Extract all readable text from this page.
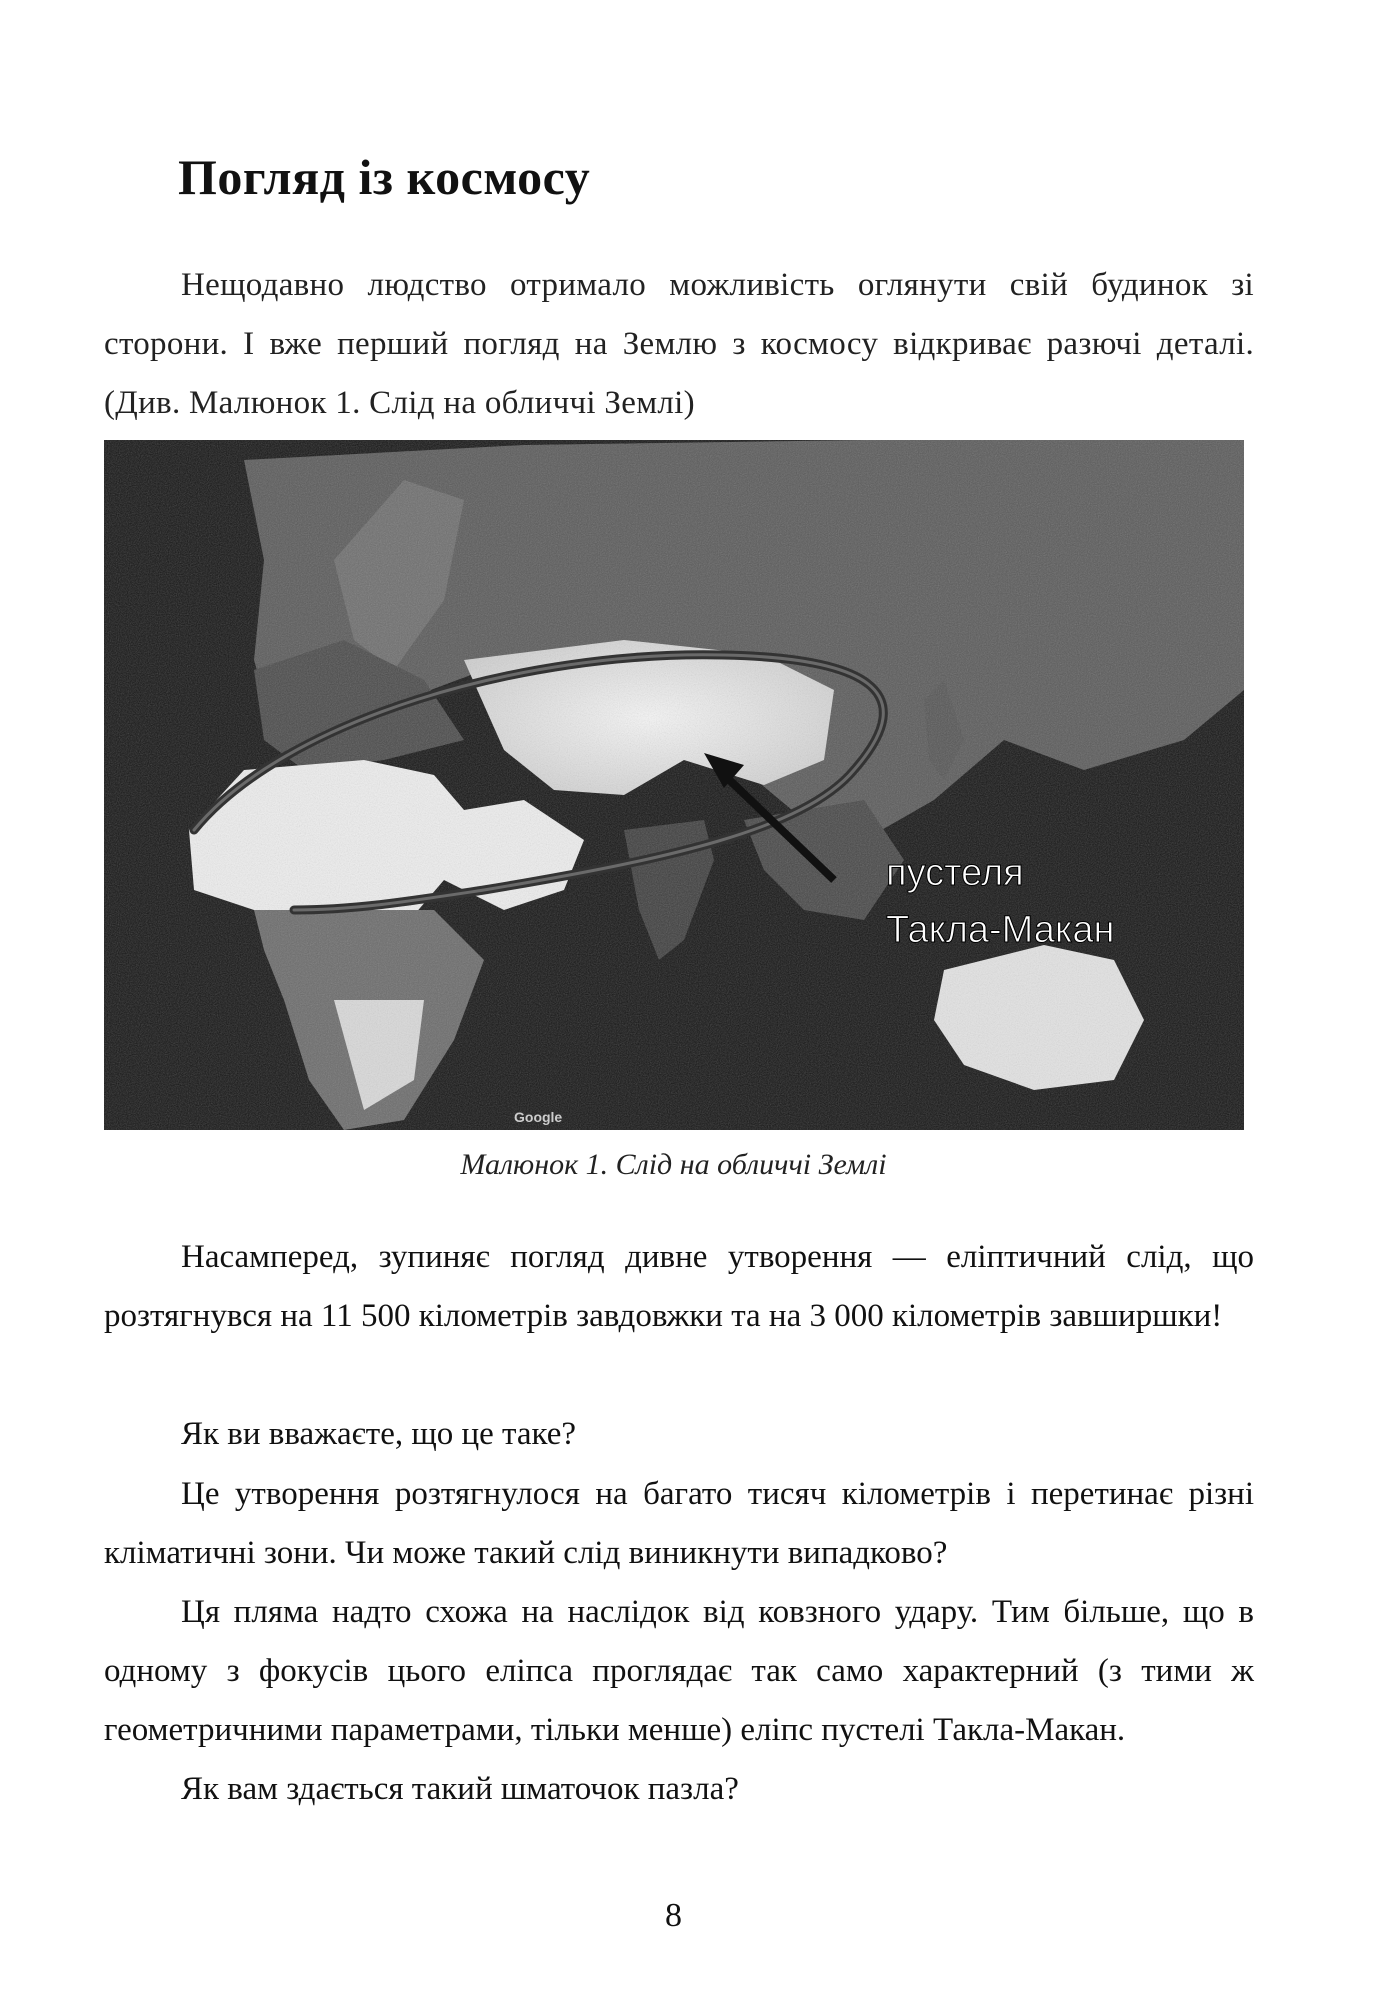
Погляд із космосу

Нещодавно людство отримало можливість оглянути свій будинок зі сторони. І вже перший погляд на Землю з космосу відкриває разючі деталі. (Див. Малюнок 1. Слід на обличчі Землі)

пустеля
Такла-Макан
Google

Малюнок 1. Слід на обличчі Землі

Насамперед, зупиняє погляд дивне утворення — еліптичний слід, що розтягнувся на 11 500 кілометрів завдовжки та на 3 000 кілометрів завширшки!

Як ви вважаєте, що це таке?

Це утворення розтягнулося на багато тисяч кілометрів і перетинає різні кліматичні зони. Чи може такий слід виникнути випадково?

Ця пляма надто схожа на наслідок від ковзного удару. Тим більше, що в одному з фокусів цього еліпса проглядає так само характерний (з тими ж геометричними параметрами, тільки менше) еліпс пустелі Такла-Макан.

Як вам здається такий шматочок пазла?

8
